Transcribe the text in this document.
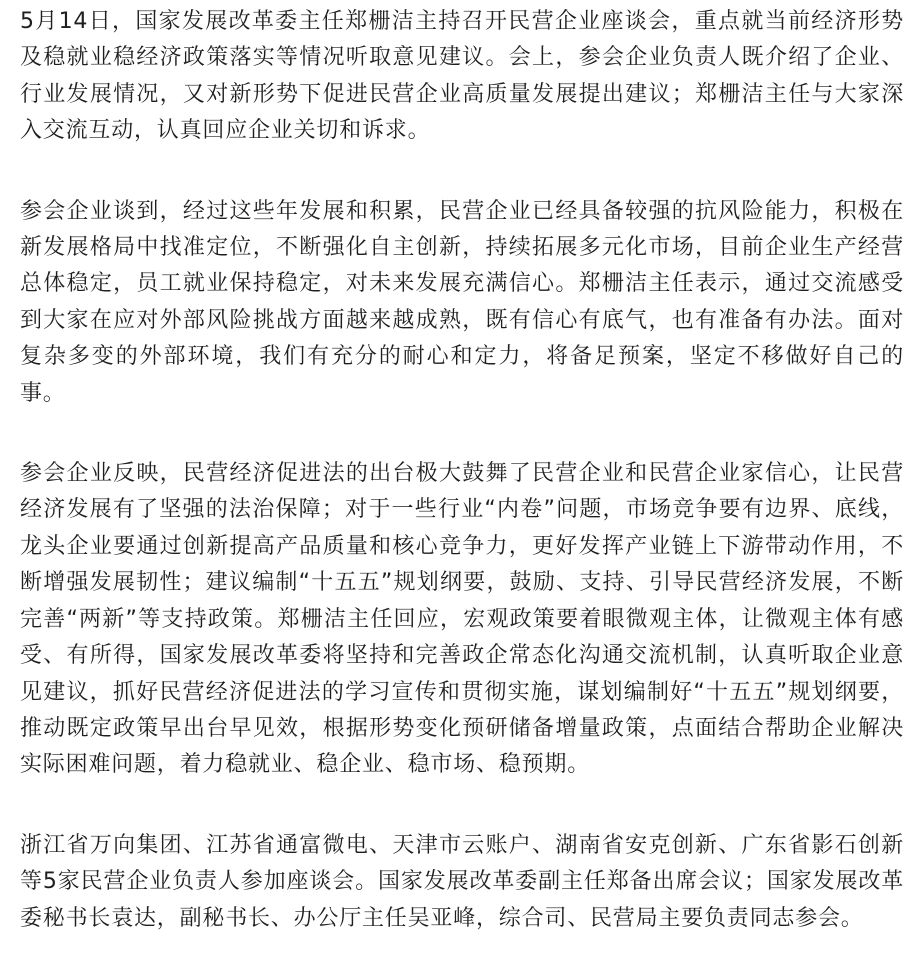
5月14日，国家发展改革委主任郑栅洁主持召开民营企业座谈会，重点就当前经济形势及稳就业稳经济政策落实等情况听取意见建议。会上，参会企业负责人既介绍了企业、行业发展情况，又对新形势下促进民营企业高质量发展提出建议；郑栅洁主任与大家深入交流互动，认真回应企业关切和诉求。

参会企业谈到，经过这些年发展和积累，民营企业已经具备较强的抗风险能力，积极在新发展格局中找准定位，不断强化自主创新，持续拓展多元化市场，目前企业生产经营总体稳定，员工就业保持稳定，对未来发展充满信心。郑栅洁主任表示，通过交流感受到大家在应对外部风险挑战方面越来越成熟，既有信心有底气，也有准备有办法。面对复杂多变的外部环境，我们有充分的耐心和定力，将备足预案，坚定不移做好自己的事。

参会企业反映，民营经济促进法的出台极大鼓舞了民营企业和民营企业家信心，让民营经济发展有了坚强的法治保障；对于一些行业“内卷”问题，市场竞争要有边界、底线，龙头企业要通过创新提高产品质量和核心竞争力，更好发挥产业链上下游带动作用，不断增强发展韧性；建议编制“十五五”规划纲要，鼓励、支持、引导民营经济发展，不断完善“两新”等支持政策。郑栅洁主任回应，宏观政策要着眼微观主体，让微观主体有感受、有所得，国家发展改革委将坚持和完善政企常态化沟通交流机制，认真听取企业意见建议，抓好民营经济促进法的学习宣传和贯彻实施，谋划编制好“十五五”规划纲要，推动既定政策早出台早见效，根据形势变化预研储备增量政策，点面结合帮助企业解决实际困难问题，着力稳就业、稳企业、稳市场、稳预期。

浙江省万向集团、江苏省通富微电、天津市云账户、湖南省安克创新、广东省影石创新等5家民营企业负责人参加座谈会。国家发展改革委副主任郑备出席会议；国家发展改革委秘书长袁达，副秘书长、办公厅主任吴亚峰，综合司、民营局主要负责同志参会。
